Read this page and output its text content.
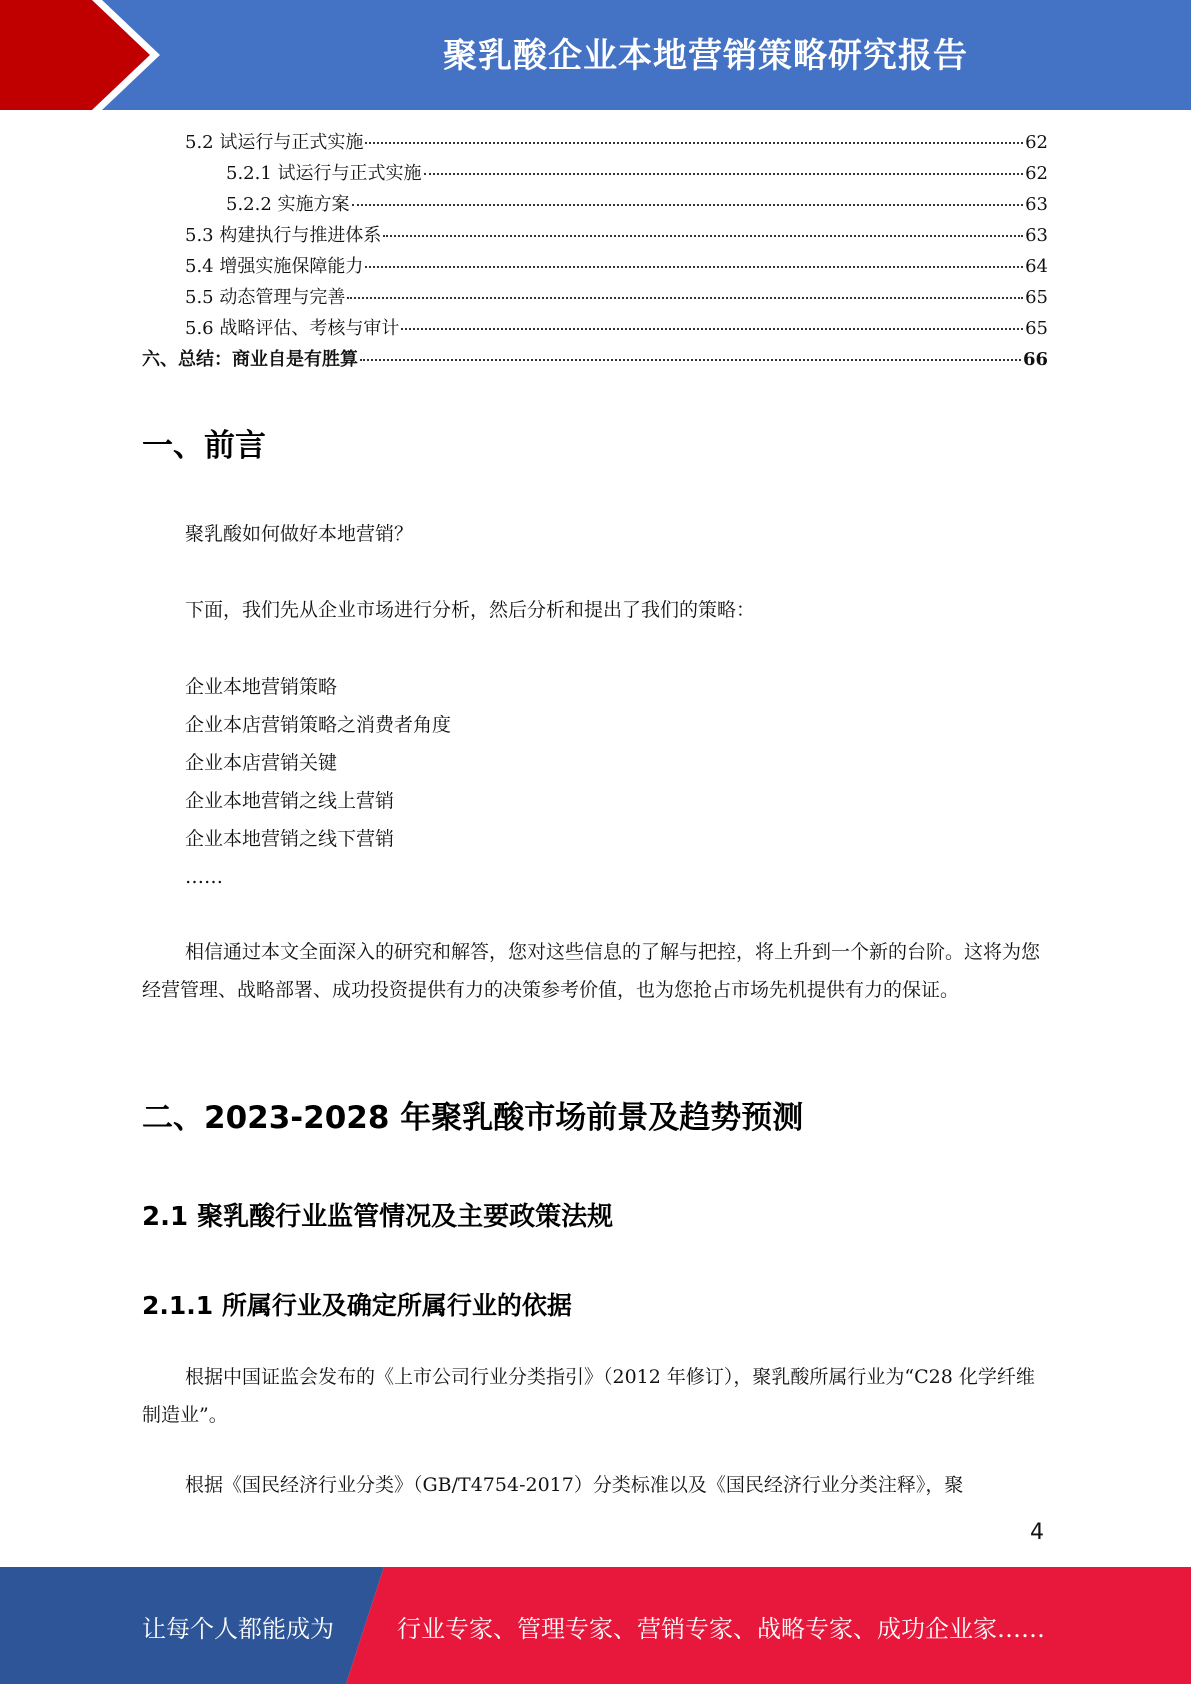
聚乳酸企业本地营销策略研究报告
5.2 试运行与正式实施	62
5.2.1 试运行与正式实施	62
5.2.2 实施方案	63
5.3 构建执行与推进体系	63
5.4 增强实施保障能力	64
5.5 动态管理与完善	65
5.6 战略评估、考核与审计	65
六、总结：商业自是有胜算	66
一、前言

聚乳酸如何做好本地营销？

下面，我们先从企业市场进行分析，然后分析和提出了我们的策略：

企业本地营销策略
企业本店营销策略之消费者角度
企业本店营销关键
企业本地营销之线上营销
企业本地营销之线下营销
……

相信通过本文全面深入的研究和解答，您对这些信息的了解与把控，将上升到一个新的台阶。这将为您经营管理、战略部署、成功投资提供有力的决策参考价值，也为您抢占市场先机提供有力的保证。

二、2023-2028 年聚乳酸市场前景及趋势预测
2.1 聚乳酸行业监管情况及主要政策法规
2.1.1 所属行业及确定所属行业的依据

根据中国证监会发布的《上市公司行业分类指引》（2012 年修订），聚乳酸所属行业为“C28 化学纤维制造业”。

根据《国民经济行业分类》（GB/T4754-2017）分类标准以及《国民经济行业分类注释》，聚

4
让每个人都能成为	行业专家、管理专家、营销专家、战略专家、成功企业家……
